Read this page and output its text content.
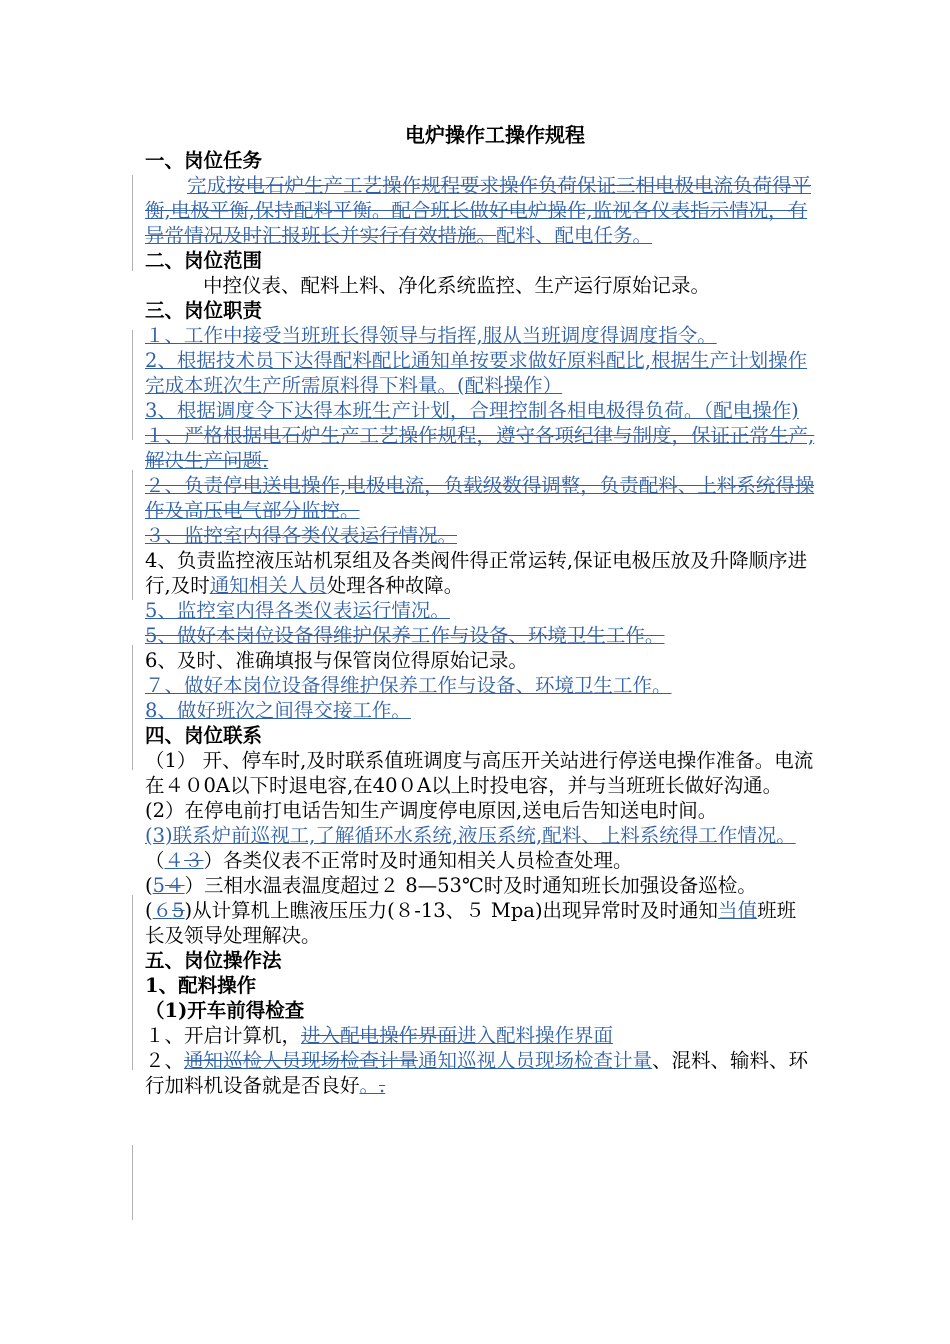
电炉操作工操作规程
一、岗位任务
完成按电石炉生产工艺操作规程要求操作负荷保证三相电极电流负荷得平衡,电极平衡,保持配料平衡。配合班长做好电炉操作,监视各仪表指示情况，有异常情况及时汇报班长并实行有效措施。配料、配电任务。
二、岗位范围
中控仪表、配料上料、净化系统监控、生产运行原始记录。
三、岗位职责
１、工作中接受当班班长得领导与指挥,服从当班调度得调度指令。
2、根据技术员下达得配料配比通知单按要求做好原料配比,根据生产计划操作完成本班次生产所需原料得下料量。(配料操作）
3、根据调度令下达得本班生产计划，合理控制各相电极得负荷。（配电操作)
１、严格根据电石炉生产工艺操作规程，遵守各项纪律与制度，保证正常生产,解决生产问题.
２、负责停电送电操作,电极电流，负载级数得调整，负责配料、上料系统得操作及高压电气部分监控。
３、监控室内得各类仪表运行情况。
4、负责监控液压站机泵组及各类阀件得正常运转,保证电极压放及升降顺序进行,及时通知相关人员处理各种故障。
5、监控室内得各类仪表运行情况。
5、做好本岗位设备得维护保养工作与设备、环境卫生工作。
6、及时、准确填报与保管岗位得原始记录。
７、做好本岗位设备得维护保养工作与设备、环境卫生工作。
8、做好班次之间得交接工作。
四、岗位联系
（1） 开、停车时,及时联系值班调度与高压开关站进行停送电操作准备。电流在４０0A以下时退电容,在40０A以上时投电容，并与当班班长做好沟通。
(2）在停电前打电话告知生产调度停电原因,送电后告知送电时间。
(3)联系炉前巡视工,了解循环水系统,液压系统,配料、上料系统得工作情况。
（４３）各类仪表不正常时及时通知相关人员检查处理。
(5４）三相水温表温度超过２ 8—53℃时及时通知班长加强设备巡检。
(６5)从计算机上瞧液压压力(８-13、５ Mpa)出现异常时及时通知当值班班长及领导处理解决。
五、岗位操作法
1、配料操作
（1)开车前得检查
１、开启计算机，进入配电操作界面进入配料操作界面
２、通知巡检人员现场检查计量通知巡视人员现场检查计量、混料、输料、环行加料机设备就是否良好。.
